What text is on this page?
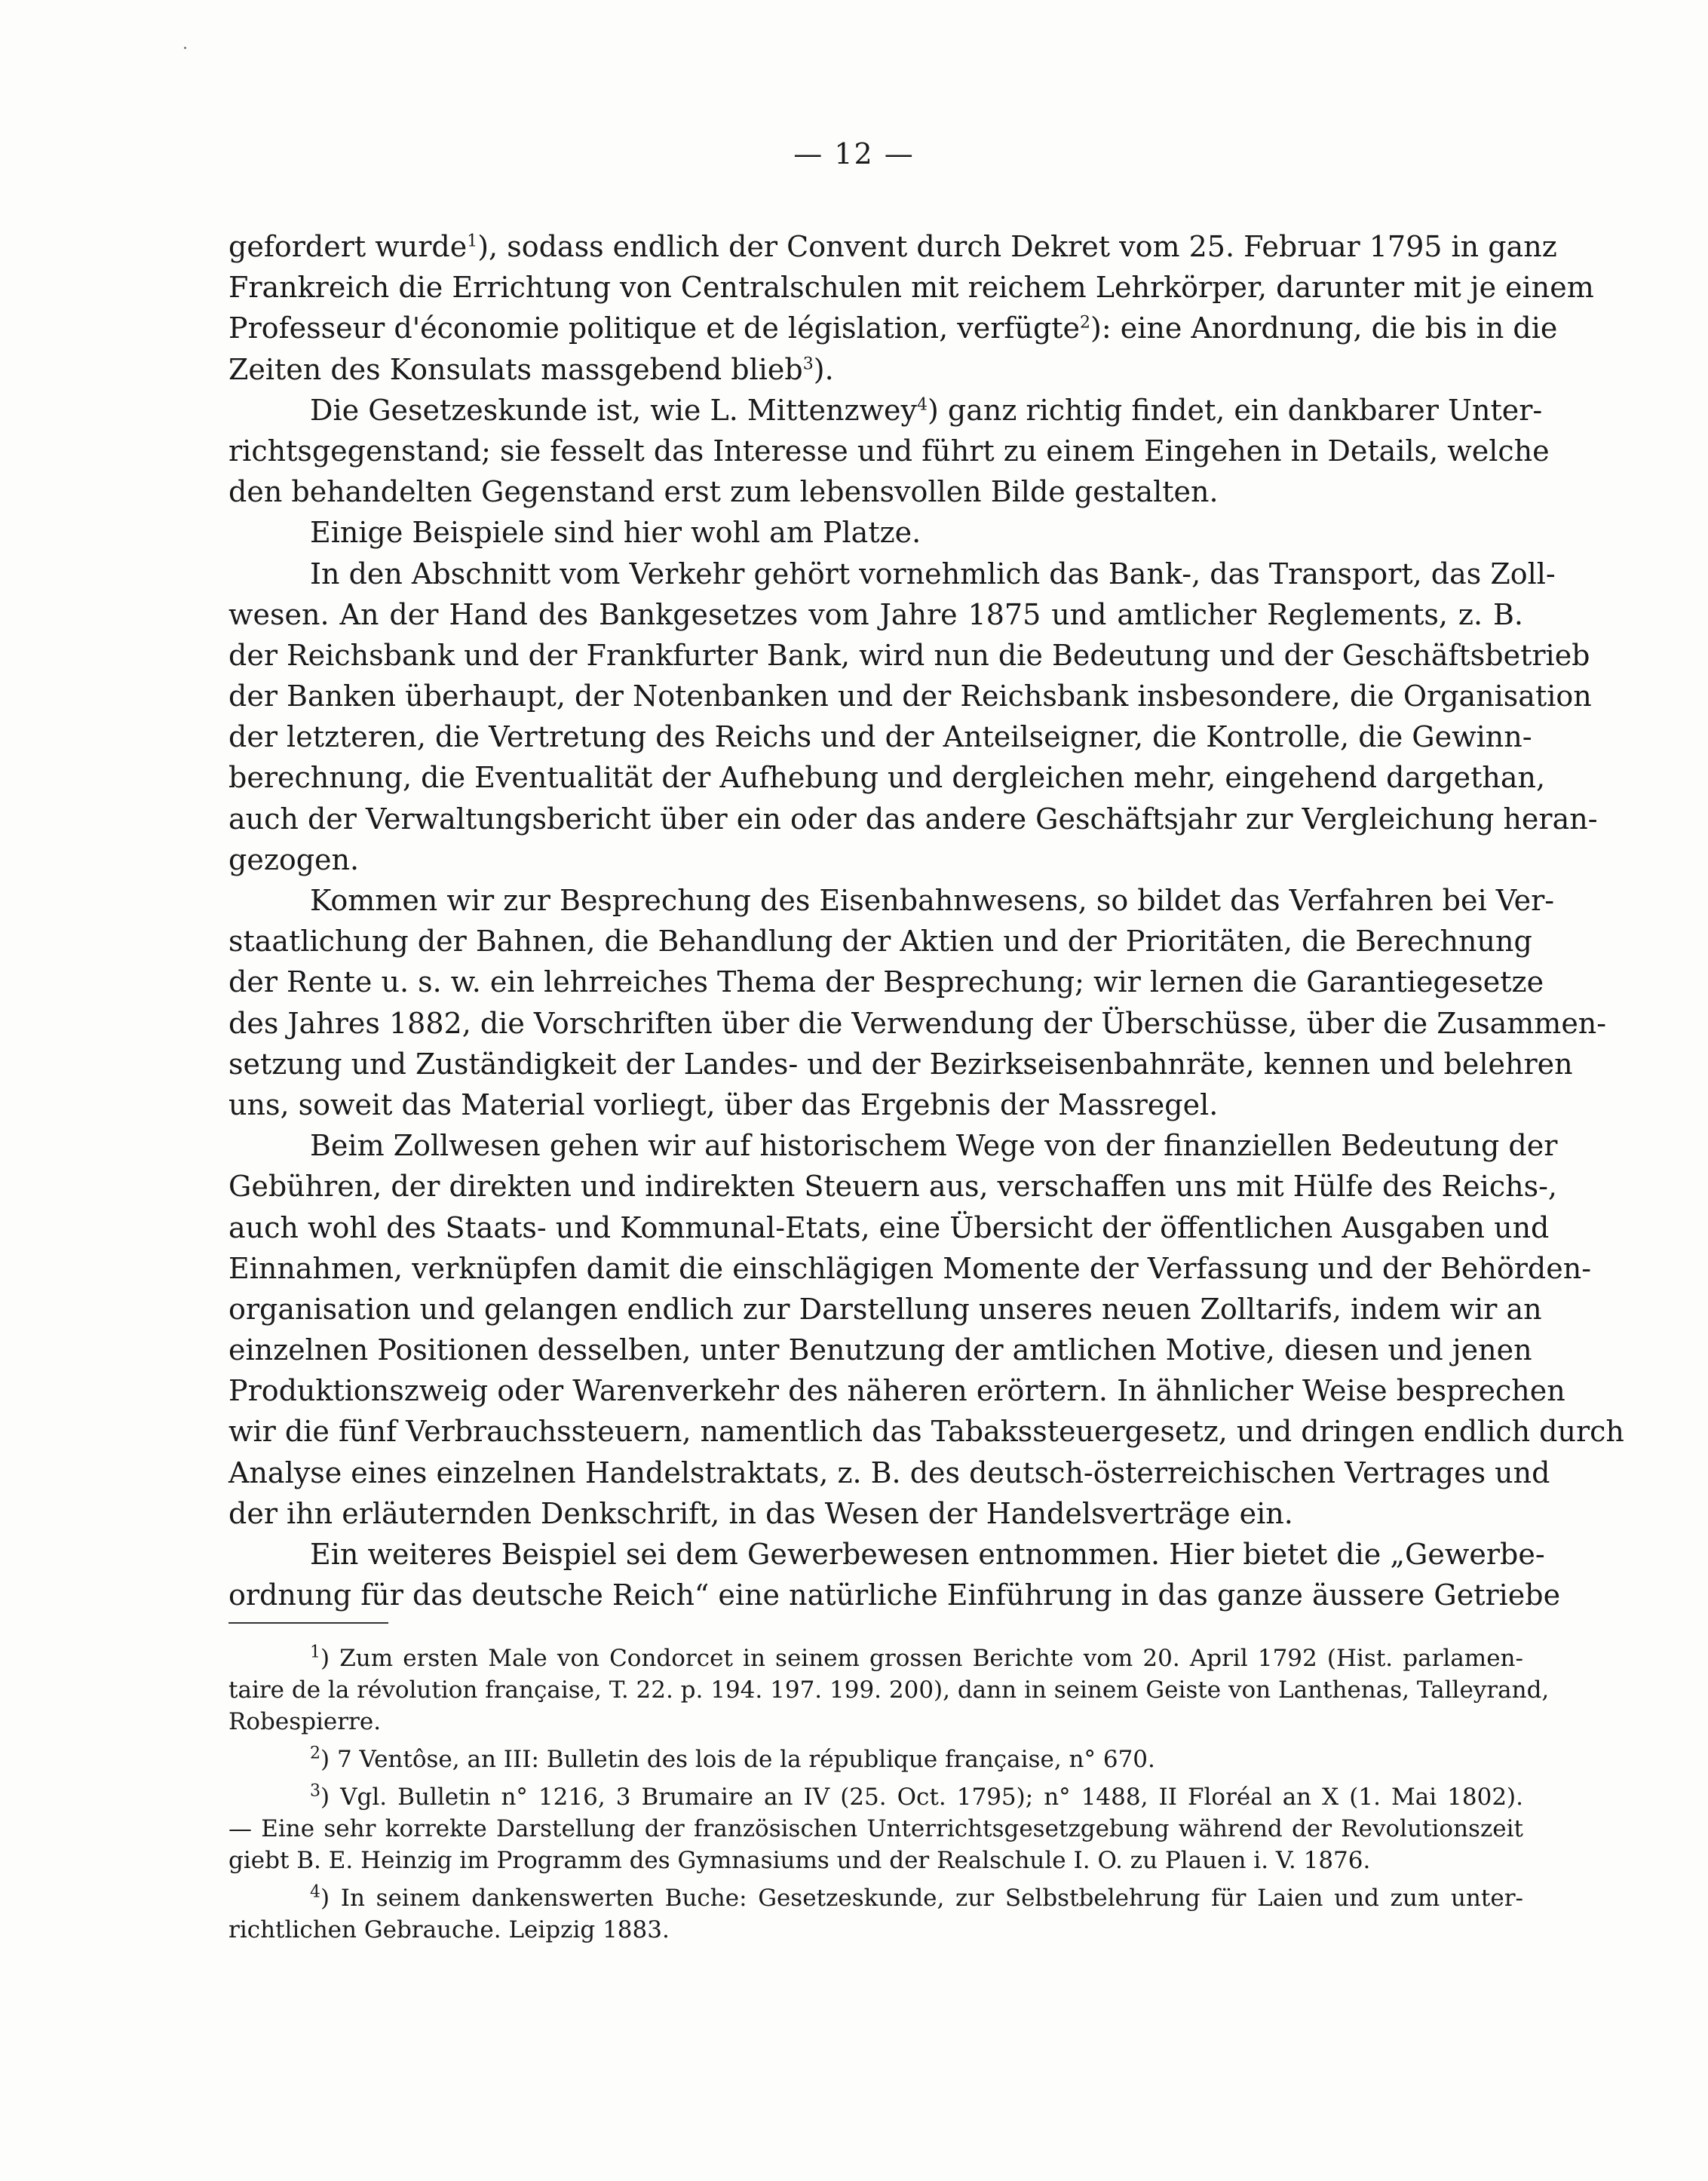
— 12 —
gefordert wurde$^1$), sodass endlich der Convent durch Dekret vom 25. Februar 1795 in ganz
Frankreich die Errichtung von Centralschulen mit reichem Lehrkörper, darunter mit je einem
Professeur d'économie politique et de législation, verfügte$^2$): eine Anordnung, die bis in die
Zeiten des Konsulats massgebend blieb$^3$).
Die Gesetzeskunde ist, wie L. Mittenzwey$^4$) ganz richtig findet, ein dankbarer Unter-
richtsgegenstand; sie fesselt das Interesse und führt zu einem Eingehen in Details, welche
den behandelten Gegenstand erst zum lebensvollen Bilde gestalten.
Einige Beispiele sind hier wohl am Platze.
In den Abschnitt vom Verkehr gehört vornehmlich das Bank-, das Transport, das Zoll-
wesen. An der Hand des Bankgesetzes vom Jahre 1875 und amtlicher Reglements, z. B.
der Reichsbank und der Frankfurter Bank, wird nun die Bedeutung und der Geschäftsbetrieb
der Banken überhaupt, der Notenbanken und der Reichsbank insbesondere, die Organisation
der letzteren, die Vertretung des Reichs und der Anteilseigner, die Kontrolle, die Gewinn-
berechnung, die Eventualität der Aufhebung und dergleichen mehr, eingehend dargethan,
auch der Verwaltungsbericht über ein oder das andere Geschäftsjahr zur Vergleichung heran-
gezogen.
Kommen wir zur Besprechung des Eisenbahnwesens, so bildet das Verfahren bei Ver-
staatlichung der Bahnen, die Behandlung der Aktien und der Prioritäten, die Berechnung
der Rente u. s. w. ein lehrreiches Thema der Besprechung; wir lernen die Garantiegesetze
des Jahres 1882, die Vorschriften über die Verwendung der Überschüsse, über die Zusammen-
setzung und Zuständigkeit der Landes- und der Bezirkseisenbahnräte, kennen und belehren
uns, soweit das Material vorliegt, über das Ergebnis der Massregel.
Beim Zollwesen gehen wir auf historischem Wege von der finanziellen Bedeutung der
Gebühren, der direkten und indirekten Steuern aus, verschaffen uns mit Hülfe des Reichs-,
auch wohl des Staats- und Kommunal-Etats, eine Übersicht der öffentlichen Ausgaben und
Einnahmen, verknüpfen damit die einschlägigen Momente der Verfassung und der Behörden-
organisation und gelangen endlich zur Darstellung unseres neuen Zolltarifs, indem wir an
einzelnen Positionen desselben, unter Benutzung der amtlichen Motive, diesen und jenen
Produktionszweig oder Warenverkehr des näheren erörtern. In ähnlicher Weise besprechen
wir die fünf Verbrauchssteuern, namentlich das Tabakssteuergesetz, und dringen endlich durch
Analyse eines einzelnen Handelstraktats, z. B. des deutsch-österreichischen Vertrages und
der ihn erläuternden Denkschrift, in das Wesen der Handelsverträge ein.
Ein weiteres Beispiel sei dem Gewerbewesen entnommen. Hier bietet die „Gewerbe-
ordnung für das deutsche Reich“ eine natürliche Einführung in das ganze äussere Getriebe
$^1$) Zum ersten Male von Condorcet in seinem grossen Berichte vom 20. April 1792 (Hist. parlamen-
taire de la révolution française, T. 22. p. 194. 197. 199. 200), dann in seinem Geiste von Lanthenas, Talleyrand,
Robespierre.
$^2$) 7 Ventôse, an III: Bulletin des lois de la république française, n° 670.
$^3$) Vgl. Bulletin n° 1216, 3 Brumaire an IV (25. Oct. 1795); n° 1488, II Floréal an X (1. Mai 1802).
— Eine sehr korrekte Darstellung der französischen Unterrichtsgesetzgebung während der Revolutionszeit
giebt B. E. Heinzig im Programm des Gymnasiums und der Realschule I. O. zu Plauen i. V. 1876.
$^4$) In seinem dankenswerten Buche: Gesetzeskunde, zur Selbstbelehrung für Laien und zum unter-
richtlichen Gebrauche. Leipzig 1883.
